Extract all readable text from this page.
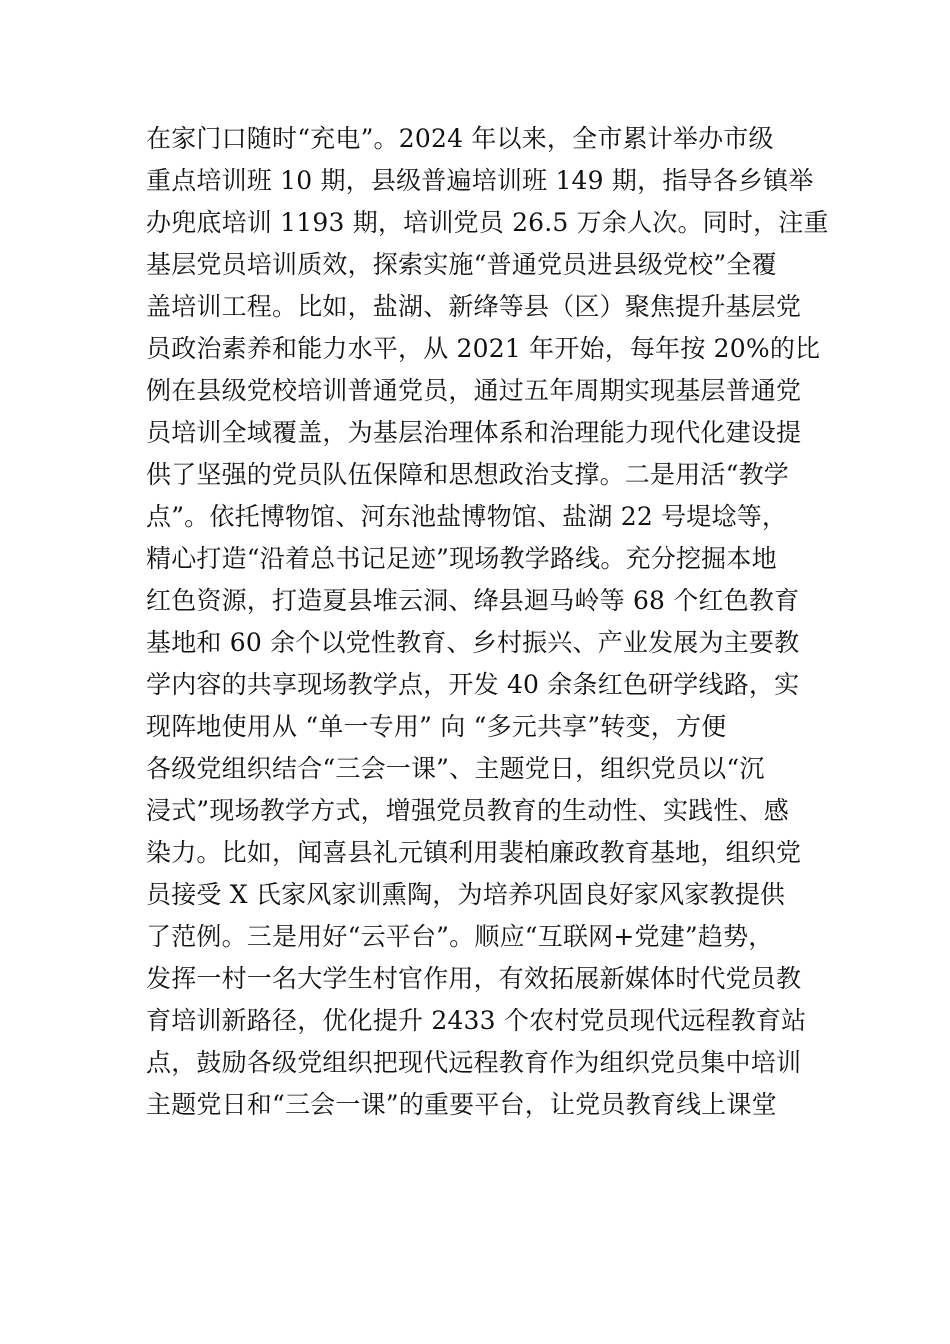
在家门口随时“充电”。2024 年以来，全市累计举办市级
重点培训班 10 期，县级普遍培训班 149 期，指导各乡镇举
办兜底培训 1193 期，培训党员 26.5 万余人次。同时，注重
基层党员培训质效，探索实施“普通党员进县级党校”全覆
盖培训工程。比如，盐湖、新绛等县（区）聚焦提升基层党
员政治素养和能力水平，从 2021 年开始，每年按 20%的比
例在县级党校培训普通党员，通过五年周期实现基层普通党
员培训全域覆盖，为基层治理体系和治理能力现代化建设提
供了坚强的党员队伍保障和思想政治支撑。二是用活“教学
点”。依托博物馆、河东池盐博物馆、盐湖 22 号堤埝等，
精心打造“沿着总书记足迹”现场教学路线。充分挖掘本地
红色资源，打造夏县堆云洞、绛县迴马岭等 68 个红色教育
基地和 60 余个以党性教育、乡村振兴、产业发展为主要教
学内容的共享现场教学点，开发 40 余条红色研学线路，实
现阵地使用从 “单一专用” 向 “多元共享”转变，方便
各级党组织结合“三会一课”、主题党日，组织党员以“沉
浸式”现场教学方式，增强党员教育的生动性、实践性、感
染力。比如，闻喜县礼元镇利用裴柏廉政教育基地，组织党
员接受 X 氏家风家训熏陶，为培养巩固良好家风家教提供
了范例。三是用好“云平台”。顺应“互联网+党建”趋势，
发挥一村一名大学生村官作用，有效拓展新媒体时代党员教
育培训新路径，优化提升 2433 个农村党员现代远程教育站
点，鼓励各级党组织把现代远程教育作为组织党员集中培训
主题党日和“三会一课”的重要平台，让党员教育线上课堂
